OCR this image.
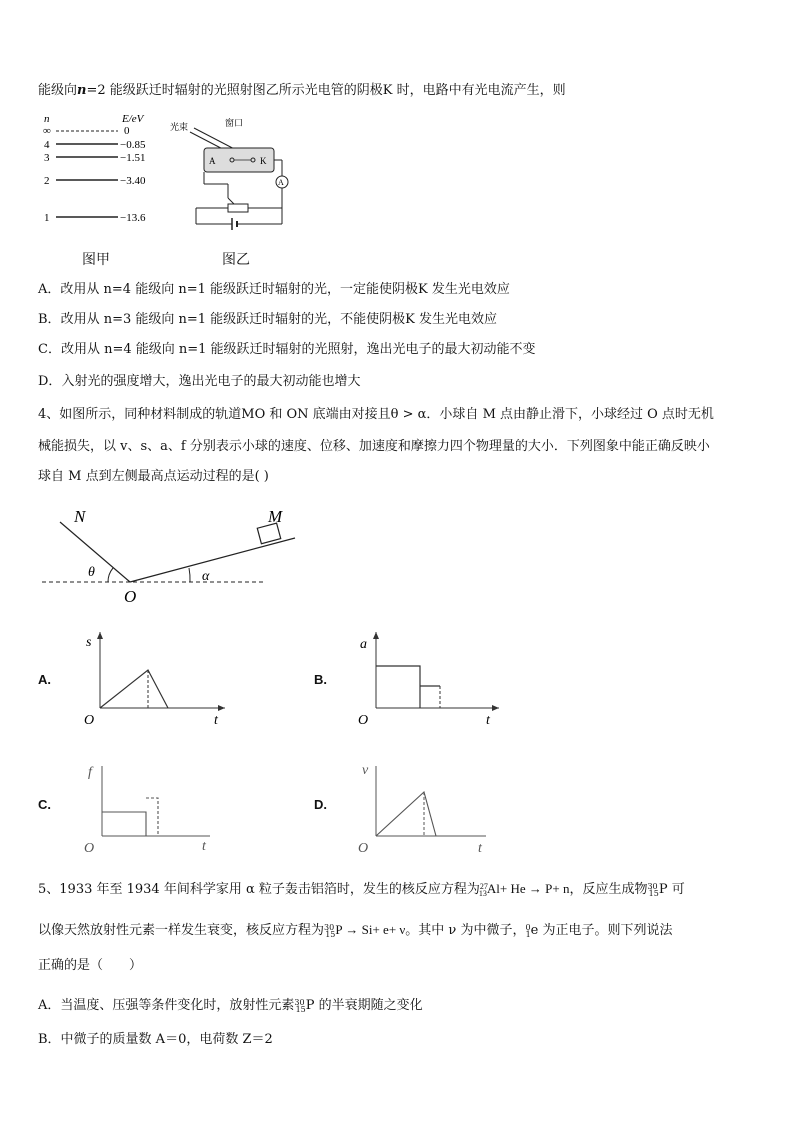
能级向n=2 能级跃迁时辐射的光照射图乙所示光电管的阴极K 时，电路中有光电流产生，则
n	E/eV
∞	0
4	−0.85
3	−1.51
2	−3.40
1	−13.6
光束	窗口
A	K
A
图甲	图乙
A．改用从 n=4 能级向 n=1 能级跃迁时辐射的光，一定能使阴极K 发生光电效应
B．改用从 n=3 能级向 n=1 能级跃迁时辐射的光，不能使阴极K 发生光电效应
C．改用从 n=4 能级向 n=1 能级跃迁时辐射的光照射，逸出光电子的最大初动能不变
D．入射光的强度增大，逸出光电子的最大初动能也增大
4、如图所示，同种材料制成的轨道MO 和 ON 底端由对接且θ > α．小球自 M 点由静止滑下，小球经过 O 点时无机
械能损失，以 v、s、a、f 分别表示小球的速度、位移、加速度和摩擦力四个物理量的大小．下列图象中能正确反映小
球自 M 点到左侧最高点运动过程的是( )
N	M
O
θ	α
A.
s
t
O
B.
a
t
O
C.
f
t
O
D.
v
t
O
5、1933 年至 1934 年间科学家用 α 粒子轰击铝箔时，发生的核反应方程为$^{27}_{13}$Al+ He → P+ n，反应生成物$^{30}_{15}$P 可
以像天然放射性元素一样发生衰变，核反应方程为$^{30}_{15}$P → Si+ e+ ν。其中 ν 为中微子，$^0_1$e 为正电子。则下列说法
正确的是（　　）
A．当温度、压强等条件变化时，放射性元素$^{30}_{15}$P 的半衰期随之变化
B．中微子的质量数 A＝0，电荷数 Z＝2
